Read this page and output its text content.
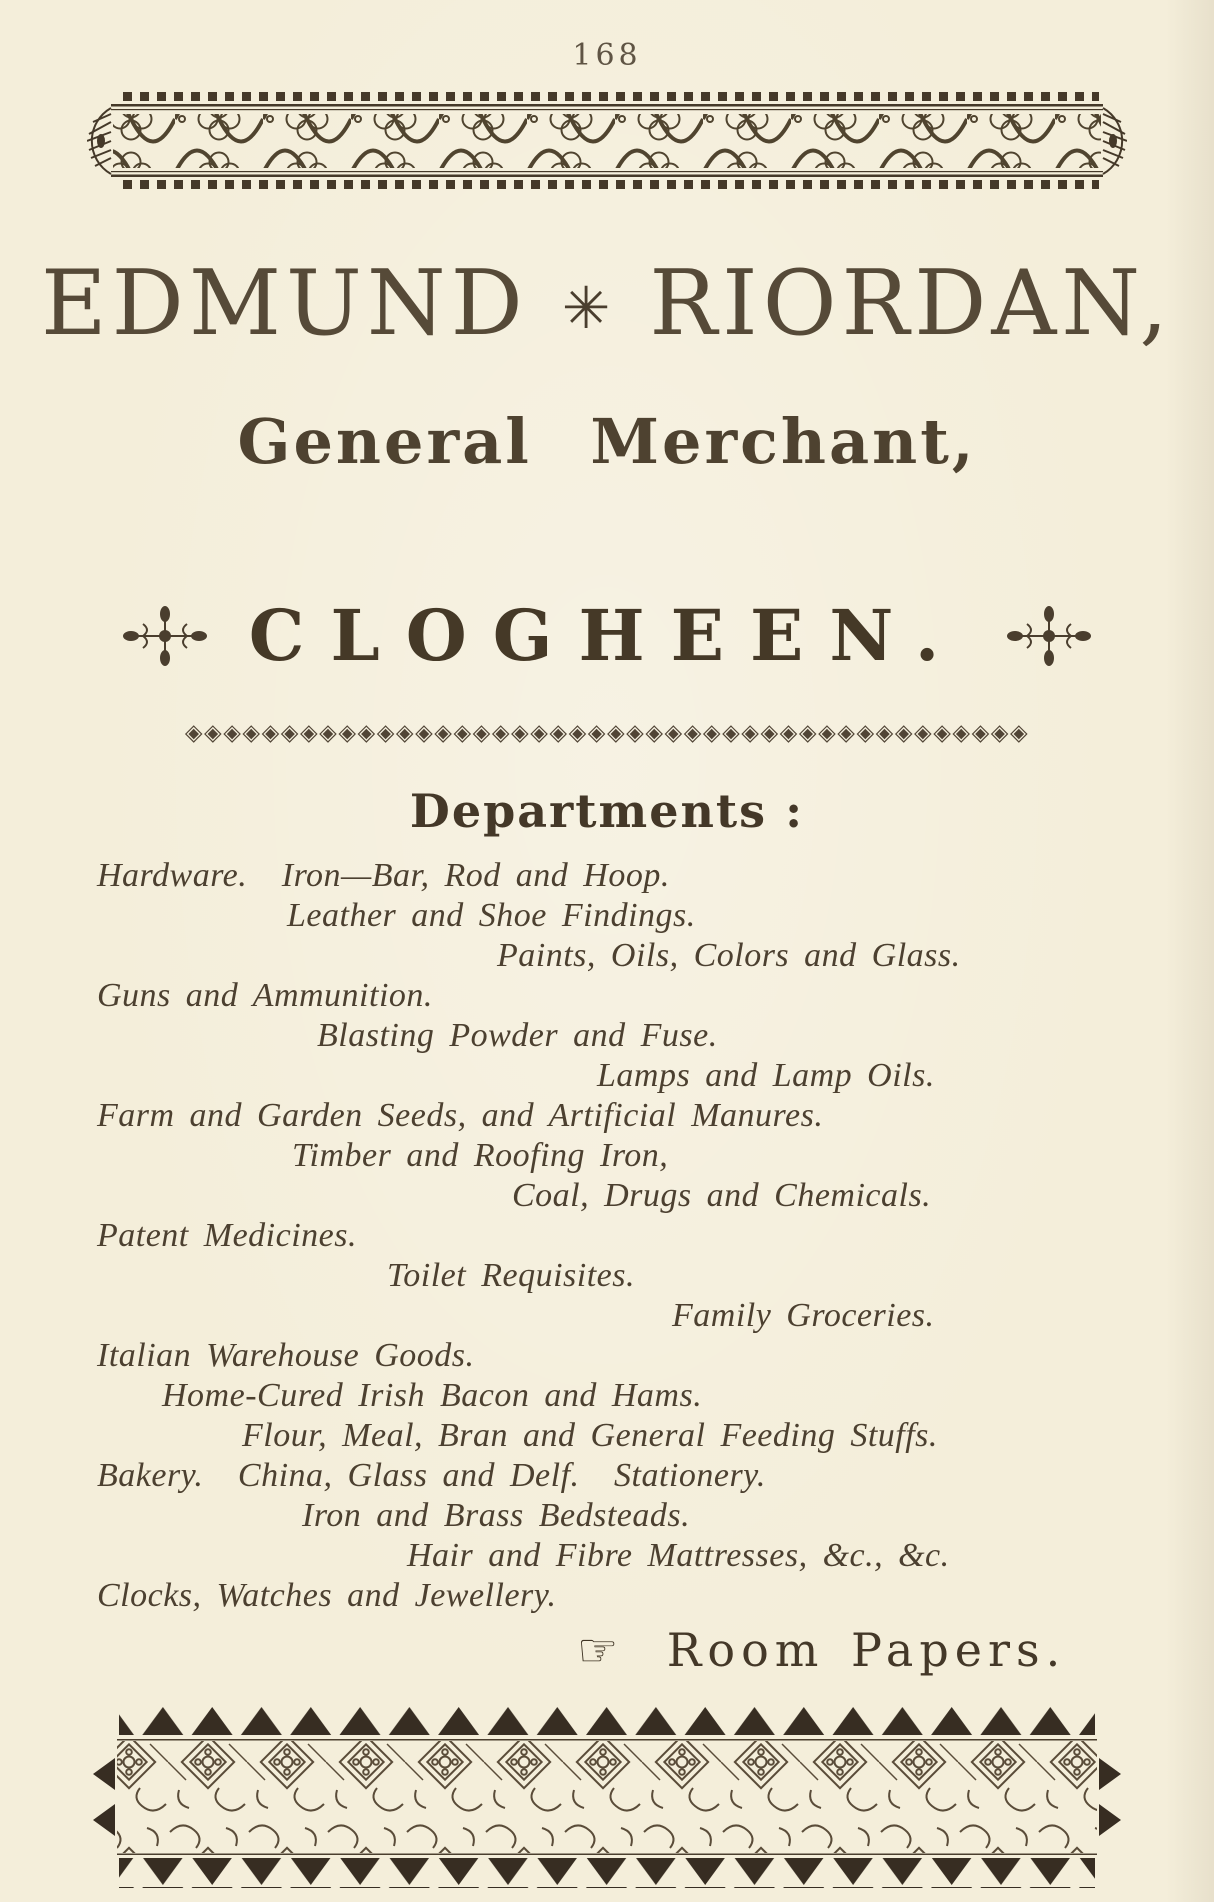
168
EDMUND ✳ RIORDAN,
General Merchant,
CLOGHEEN.
◈◈◈◈◈◈◈◈◈◈◈◈◈◈◈◈◈◈◈◈◈◈◈◈◈◈◈◈◈◈◈◈◈◈◈◈◈◈◈◈◈◈◈◈
Departments :
Hardware. Iron—Bar, Rod and Hoop.
Leather and Shoe Findings.
Paints, Oils, Colors and Glass.
Guns and Ammunition.
Blasting Powder and Fuse.
Lamps and Lamp Oils.
Farm and Garden Seeds, and Artificial Manures.
Timber and Roofing Iron,
Coal, Drugs and Chemicals.
Patent Medicines.
Toilet Requisites.
Family Groceries.
Italian Warehouse Goods.
Home-Cured Irish Bacon and Hams.
Flour, Meal, Bran and General Feeding Stuffs.
Bakery. China, Glass and Delf. Stationery.
Iron and Brass Bedsteads.
Hair and Fibre Mattresses, &c., &c.
Clocks, Watches and Jewellery.
☞ Room Papers.
